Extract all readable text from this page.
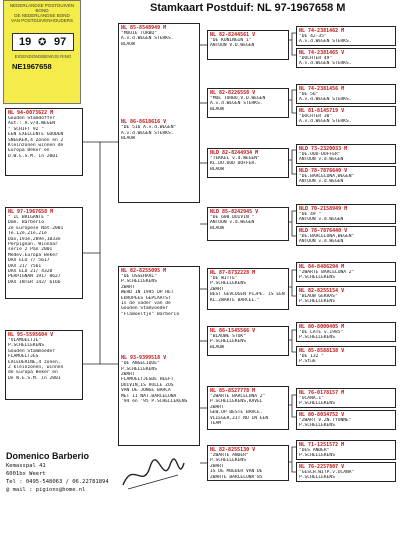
Stamkaart Postduif: NL 97-1967658 M
NEDERLANDSE POSTDUIVEN BOND
DE NEDERLANDSE BOND
VAN POSTDUIVENHOUDERS
19 ✪ 97
EIGENDOMSBEWIJS RING
NE1967658
NL 94-0073622 M
Gouden Stamdoffer
Aut.: A.v/d.WEGEN
" SCHIFT 92 "
EEN EXELLENTE GOUDEN
SNEEKER,4 Zonen en 2
Kleinzonen winnen de
Europa Beker en
D.W.E.S.M. in 2001
NL 97-1967658 M
" IL BRIGANTE "
Dom. Barberio
2e Europese Nat.2001
Te.12e,21e,21e
Dax,191e,289e,1033e
Perpignan. Winnaar
serie 2 Pan 2001
Medev.Europa Beker
DAX ELO 7/ 5617
DAX 21/ 7561
DAX ELO 21/ 4328
PERPIGNAN 191/ 8627
DAX INTER 142/ 6166
NL 95-5595604 V
"VLAMOELTJE"
P.SCHELLEKENS
Gouden Stammoeder
FLAMOELTJES
EXCEDERINE,4 zonen,
2 kleinzonen, winnen
de Europa Beker en
De W.E.S.M. in 2001
NL 85-8548949 M
"MOOIE TURBO"
A.v.d.WEGEN STERKS.
BLAUW
NL 86-8618616 V
"DE 516 A.v.d.WEGEN"
A.v.d.WEGEN STERKS.
BLAUW
NL 82-8255095 M
"DE OSSEHAAL"
P.SCHELLEKENS
ZWART
WERD IN 1995 OP HET
EUROPEES GEPLAATST
Is de vader van de
Gouden Stamvoeder
"Flamoeltje" Barberio
NL 93-9399518 V
"DE ANGELIQUE"
P.SCHELLEKENS
ZWART
FLAMOELTJESDE HEEFT
DUIVIN,IS VOLLE ZUS
VAN DE JONGE BARCA
MET 11 NAT.BARCELONA
'94 en '95 P.SCHELLEKENS
NL 82-8244561 V
"DE KONINGIN 1"
ANTOON V.D.WEGEN
NL 82-8226558 V
"MOE TURBO,V.D.WEGEN
A.v.d.WEGEN STERKS.
BLAUW
NLD 82-8244934 M
"TEKKEL v.d.WEGEN"
KL.DO.DOD DOFFER.
BLAUW
NLD 85-8242945 V
"DE 600 DUIVIN "
ANTOON v.d.WEGEN
BLAUW
NL 87-8732228 M
"DE WITTE"
P.SCHELLEKENS
ZWART
BEST GEVLOGEN PIJPE. IS EEN
KL.ZWARTE BARCEL."
NL 86-1545566 V
"BLAUWE STOK"
P.SCHELLEKENS
BLAUW
NL 85-8527778 M
"ZWARTE BARCELONA 2"
P.SCHELLEKENS,RAVEL
ZWART
GEW.OP BESTE BARCE.
VLIEGER,ZIT NU IN EEN
TEAM
NL 82-8255130 V
"ZWARTE ANDER"
P.SCHELLEKENS
ZWART
IS DE MOEDER VAN DE
ZWARTE BARCELONA'85
NL 74-2381462 M
"DE 42-35"
A.v.d.WEGEN STERKS.
NL 74-2381465 V
"DOCHTER 49"
A.v.d.WEGEN STERKS.
NL 74-2381456 M
"DE 56"
A.v.d.WEGEN STERKS.
NL 81-8145719 V
"DOCHTER 30"
A.v.d.WEGEN STERKS.
NLD 73-2320033 M
"DE.OUD-DOFFER"
ANTOON v.d.WEGEN
NLD 78-7876640 V
"DE.BARCELONA,WEGEN"
ANTOON v.d.WEGEN
NLD 70-2158949 M
"DE 49 "
ANTOON v.d.WEGEN
NLD 78-7876440 V
"DE.BARCELONA,WEGEN"
ANTOON v.d.WEGEN
NL 84-8486294 M
"ZWARTE BARCELONA 2"
P.SCHELLEKENS
NL 82-8255154 V
"BLAUW GEKRAS"
P.SCHELLEKENS
NL 80-8000405 M
"DE LATE v.1985"
P.SCHELLEKENS
NL 85-8588138 V
"DE 132 "
P.Stuk
NL 76-0178157 M
"OCANA.1"
P.SCHELLEKENS
NL 80-8034752 V
"ZWART V.ZN.TYONNE"
P.SCHELLEKENS
NL 71-1251572 M
"DES ANDER"
P.SCHELLEKENS
NL 76-2257807 V
"GESCH.WITP.v.OCANA"
P.SCHELLEKENS
Domenico Barberio
Kemasspal 41
6001bx Weert
Tel : 0495-548063 / 06.22781894
@ mail : pigions@home.nl
